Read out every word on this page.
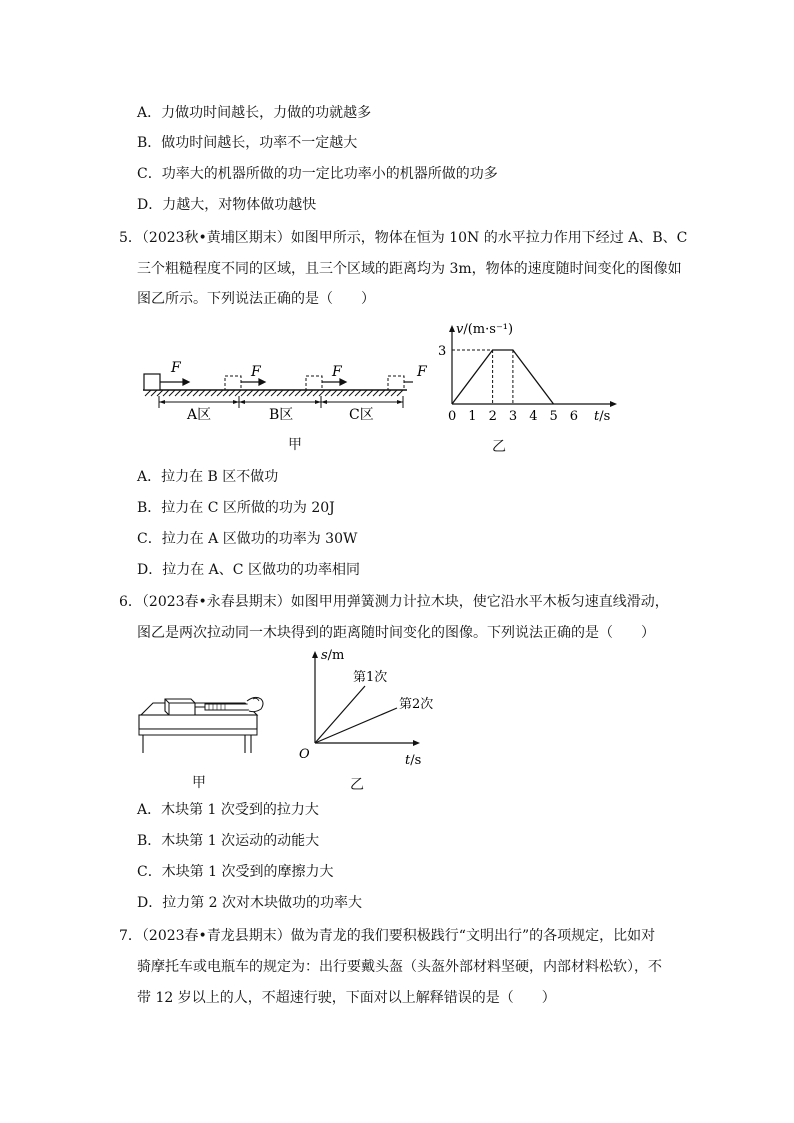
A．力做功时间越长，力做的功就越多
B．做功时间越长，功率不一定越大
C．功率大的机器所做的功一定比功率小的机器所做的功多
D．力越大，对物体做功越快
5．（2023秋•黄埔区期末）如图甲所示，物体在恒为 10N 的水平拉力作用下经过 A、B、C
三个粗糙程度不同的区域，且三个区域的距离均为 3m，物体的速度随时间变化的图像如
图乙所示。下列说法正确的是（　　）
F	F	F	F
A区	B区	C区
甲
v/(m·s⁻¹)
t/s
0 1 2 3 4 5 6
3
乙
A．拉力在 B 区不做功
B．拉力在 C 区所做的功为 20J
C．拉力在 A 区做功的功率为 30W
D．拉力在 A、C 区做功的功率相同
6．（2023春•永春县期末）如图甲用弹簧测力计拉木块，使它沿水平木板匀速直线滑动，
图乙是两次拉动同一木块得到的距离随时间变化的图像。下列说法正确的是（　　）
甲
s/m
t/s
O
第1次
第2次
乙
A．木块第 1 次受到的拉力大
B．木块第 1 次运动的动能大
C．木块第 1 次受到的摩擦力大
D．拉力第 2 次对木块做功的功率大
7．（2023春•青龙县期末）做为青龙的我们要积极践行“文明出行”的各项规定，比如对
骑摩托车或电瓶车的规定为：出行要戴头盔（头盔外部材料坚硬，内部材料松软），不
带 12 岁以上的人，不超速行驶，下面对以上解释错误的是（　　）
